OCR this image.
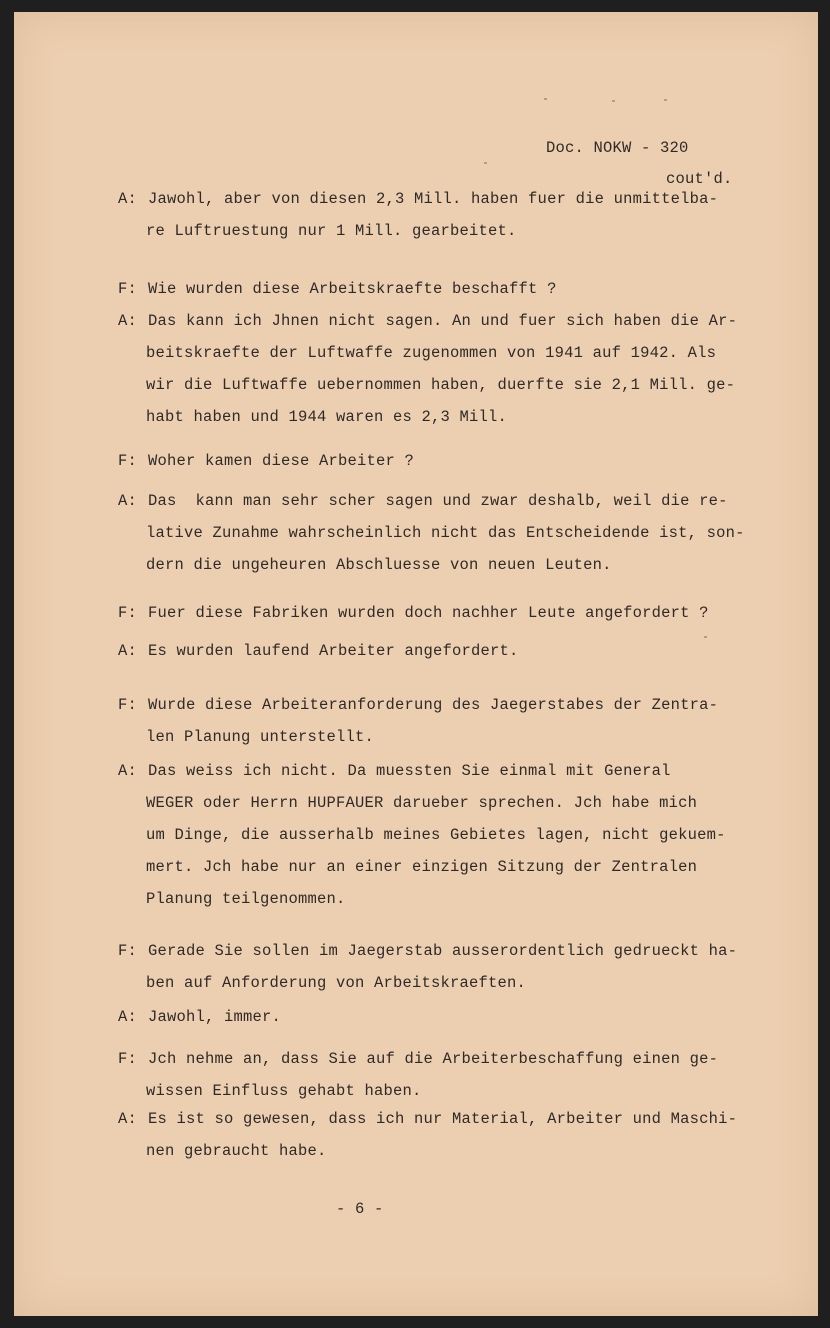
Doc. NOKW - 320
cout'd.
A: Jawohl, aber von diesen 2,3 Mill. haben fuer die unmittelba-
re Luftruestung nur 1 Mill. gearbeitet.
F: Wie wurden diese Arbeitskraefte beschafft ?
A: Das kann ich Jhnen nicht sagen. An und fuer sich haben die Ar-
beitskraefte der Luftwaffe zugenommen von 1941 auf 1942. Als
wir die Luftwaffe uebernommen haben, duerfte sie 2,1 Mill. ge-
habt haben und 1944 waren es 2,3 Mill.
F: Woher kamen diese Arbeiter ?
A: Das  kann man sehr scher sagen und zwar deshalb, weil die re-
lative Zunahme wahrscheinlich nicht das Entscheidende ist, son-
dern die ungeheuren Abschluesse von neuen Leuten.
F: Fuer diese Fabriken wurden doch nachher Leute angefordert ?
A: Es wurden laufend Arbeiter angefordert.
F: Wurde diese Arbeiteranforderung des Jaegerstabes der Zentra-
len Planung unterstellt.
A: Das weiss ich nicht. Da muessten Sie einmal mit General
WEGER oder Herrn HUPFAUER darueber sprechen. Jch habe mich
um Dinge, die ausserhalb meines Gebietes lagen, nicht gekuem-
mert. Jch habe nur an einer einzigen Sitzung der Zentralen
Planung teilgenommen.
F: Gerade Sie sollen im Jaegerstab ausserordentlich gedrueckt ha-
ben auf Anforderung von Arbeitskraeften.
A: Jawohl, immer.
F: Jch nehme an, dass Sie auf die Arbeiterbeschaffung einen ge-
wissen Einfluss gehabt haben.
A: Es ist so gewesen, dass ich nur Material, Arbeiter und Maschi-
nen gebraucht habe.
- 6 -
